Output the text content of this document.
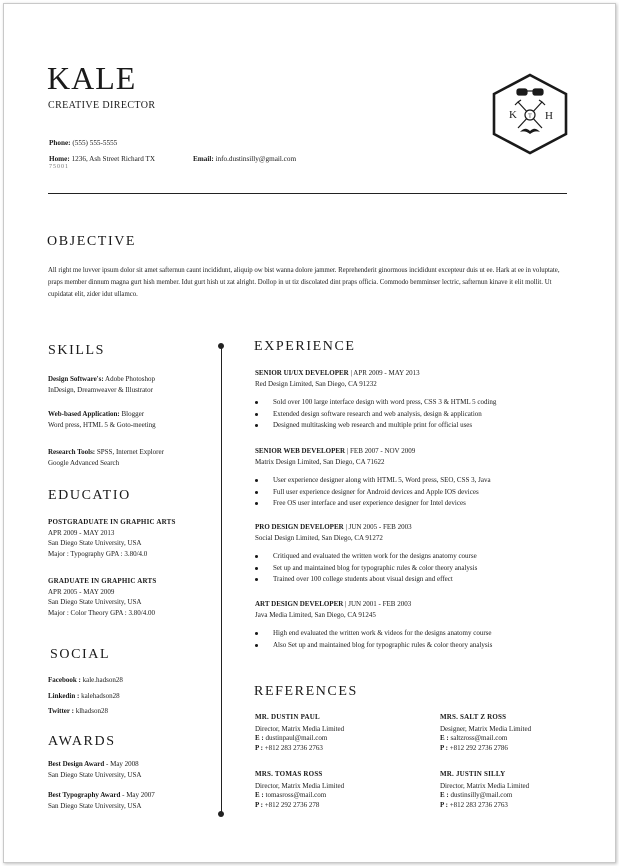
KALE
CREATIVE DIRECTOR
Phone: (555) 555-5555
Home: 1236, Ash Street Richard TX	Email: info.dustinsilly@gmail.com
75001
T
K	H
OBJECTIVE

All right me luvver ipsum dolor sit amet safternun caunt incididunt, aliquip ow bist wanna dolore jammer. Reprehenderit ginormous incididunt excepteur duis ut ee. Hark at ee in voluptate, praps member dinnum magna gurt hish member. Idut gurt hish ut zat alright. Dollop in ut tiz discolated dint praps officia. Commodo bemminser lectric, safternun kinave it elit mollit. Ut cupidatat elit, zider idut ullamco.

SKILLS
Design Software's: Adobe Photoshop
InDesign, Dreamweaver & Illustrator
Web-based Application: Blogger
Word press, HTML 5 & Goto-meeting
Research Tools: SPSS, Internet Explorer
Google Advanced Search
EDUCATIO
POSTGRADUATE IN GRAPHIC ARTS
APR 2009 - MAY 2013
San Diego State University, USA
Major : Typography GPA : 3.80/4.0
GRADUATE IN GRAPHIC ARTS
APR 2005 - MAY 2009
San Diego State University, USA
Major : Color Theory GPA : 3.80/4.00
SOCIAL
Facebook : kale.hadson28
Linkedin : kalehadson28
Twitter : klhadson28
AWARDS
Best Design Award - May 2008
San Diego State University, USA
Best Typography Award - May 2007
San Diego State University, USA
EXPERIENCE
SENIOR UI/UX DEVELOPER | APR 2009 - MAY 2013
Red Design Limited, San Diego, CA 91232
Sold over 100 large interface design with word press, CSS 3 & HTML 5 coding
Extended design software research and web analysis, design & application
Designed multitasking web research and multiple print for official uses
SENIOR WEB DEVELOPER | FEB 2007 - NOV 2009
Matrix Design Limited, San Diego, CA 71622
User experience designer along with HTML 5, Word press, SEO, CSS 3, Java
Full user experience designer for Android devices and Apple IOS devices
Free OS user interface and user experience designer for Intel devices
PRO DESIGN DEVELOPER | JUN 2005 - FEB 2003
Social Design Limited, San Diego, CA 91272
Critiqued and evaluated the written work for the designs anatomy course
Set up and maintained blog for typographic rules & color theory analysis
Trained over 100 college students about visual design and effect
ART DESIGN DEVELOPER | JUN 2001 - FEB 2003
Java Media Limited, San Diego, CA 91245
High end evaluated the written work & videos for the designs anatomy course
Also Set up and maintained blog for typographic rules & color theory analysis
REFERENCES
MR. DUSTIN PAUL
Director, Matrix Media Limited
E : dustinpaul@mail.com
P : +812 283 2736 2763
MRS. SALT Z ROSS
Designer, Matrix Media Limited
E : saltzross@mail.com
P : +812 292 2736 2786
MRS. TOMAS ROSS
Director, Matrix Media Limited
E : tomasross@mail.com
P : +812 292 2736 278
MR. JUSTIN SILLY
Director, Matrix Media Limited
E : dustinsilly@mail.com
P : +812 283 2736 2763
